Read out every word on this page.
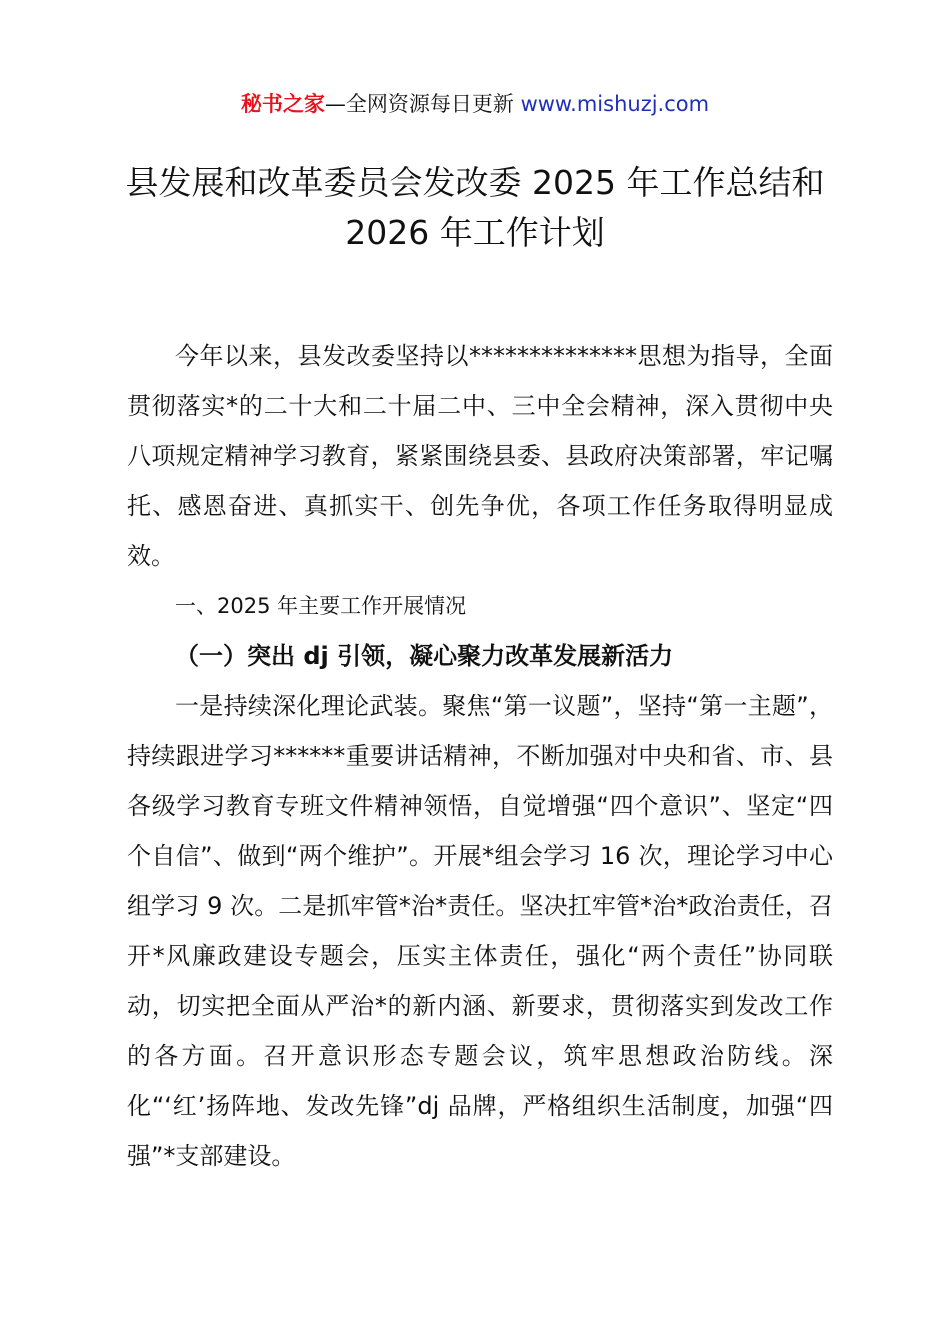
秘书之家—全网资源每日更新 www.mishuzj.com
县发展和改革委员会发改委 2025 年工作总结和 2026 年工作计划
今年以来，县发改委坚持以**************思想为指导，全面贯彻落实*的二十大和二十届二中、三中全会精神，深入贯彻中央八项规定精神学习教育，紧紧围绕县委、县政府决策部署，牢记嘱托、感恩奋进、真抓实干、创先争优，各项工作任务取得明显成效。
一、2025 年主要工作开展情况
（一）突出 dj 引领，凝心聚力改革发展新活力
一是持续深化理论武装。聚焦“第一议题”，坚持“第一主题”，持续跟进学习******重要讲话精神，不断加强对中央和省、市、县各级学习教育专班文件精神领悟，自觉增强“四个意识”、坚定“四个自信”、做到“两个维护”。开展*组会学习 16 次，理论学习中心组学习 9 次。二是抓牢管*治*责任。坚决扛牢管*治*政治责任，召开*风廉政建设专题会，压实主体责任，强化“两个责任”协同联动，切实把全面从严治*的新内涵、新要求，贯彻落实到发改工作的各方面。召开意识形态专题会议，筑牢思想政治防线。深化“‘红’扬阵地、发改先锋”dj 品牌，严格组织生活制度，加强“四强”*支部建设。
